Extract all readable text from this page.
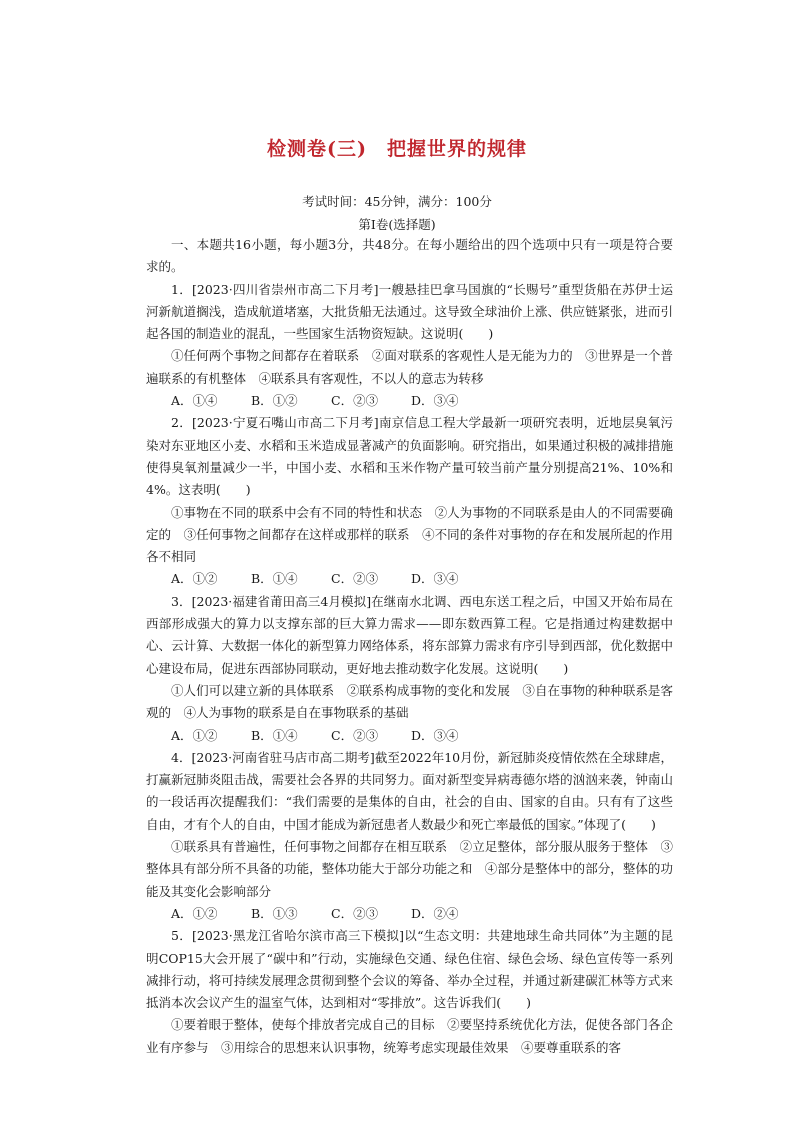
检测卷(三)　把握世界的规律
考试时间：45分钟，满分：100分
第Ⅰ卷(选择题)

一、本题共16小题，每小题3分，共48分。在每小题给出的四个选项中只有一项是符合要求的。

1．[2023·四川省崇州市高二下月考]一艘悬挂巴拿马国旗的“长赐号”重型货船在苏伊士运河新航道搁浅，造成航道堵塞，大批货船无法通过。这导致全球油价上涨、供应链紧张，进而引起各国的制造业的混乱，一些国家生活物资短缺。这说明(　　)

①任何两个事物之间都存在着联系　②面对联系的客观性人是无能为力的　③世界是一个普遍联系的有机整体　④联系具有客观性，不以人的意志为转移

A．①④	B．①②	C．②③	D．③④

2．[2023·宁夏石嘴山市高二下月考]南京信息工程大学最新一项研究表明，近地层臭氧污染对东亚地区小麦、水稻和玉米造成显著减产的负面影响。研究指出，如果通过积极的减排措施使得臭氧剂量减少一半，中国小麦、水稻和玉米作物产量可较当前产量分别提高21%、10%和4%。这表明(　　)

①事物在不同的联系中会有不同的特性和状态　②人为事物的不同联系是由人的不同需要确定的　③任何事物之间都存在这样或那样的联系　④不同的条件对事物的存在和发展所起的作用各不相同

A．①②	B．①④	C．②③	D．③④

3．[2023·福建省莆田高三4月模拟]在继南水北调、西电东送工程之后，中国又开始布局在西部形成强大的算力以支撑东部的巨大算力需求——即东数西算工程。它是指通过构建数据中心、云计算、大数据一体化的新型算力网络体系，将东部算力需求有序引导到西部，优化数据中心建设布局，促进东西部协同联动，更好地去推动数字化发展。这说明(　　)

①人们可以建立新的具体联系　②联系构成事物的变化和发展　③自在事物的种种联系是客观的　④人为事物的联系是自在事物联系的基础

A．①②	B．①④	C．②③	D．③④

4．[2023·河南省驻马店市高二期考]截至2022年10月份，新冠肺炎疫情依然在全球肆虐，打赢新冠肺炎阻击战，需要社会各界的共同努力。面对新型变异病毒德尔塔的汹汹来袭，钟南山的一段话再次提醒我们：“我们需要的是集体的自由，社会的自由、国家的自由。只有有了这些自由，才有个人的自由，中国才能成为新冠患者人数最少和死亡率最低的国家。”体现了(　　)

①联系具有普遍性，任何事物之间都存在相互联系　②立足整体，部分服从服务于整体　③整体具有部分所不具备的功能，整体功能大于部分功能之和　④部分是整体中的部分，整体的功能及其变化会影响部分

A．①②	B．①③	C．②③	D．②④

5．[2023·黑龙江省哈尔滨市高三下模拟]以“生态文明：共建地球生命共同体”为主题的昆明COP15大会开展了“碳中和”行动，实施绿色交通、绿色住宿、绿色会场、绿色宣传等一系列减排行动，将可持续发展理念贯彻到整个会议的筹备、举办全过程，并通过新建碳汇林等方式来抵消本次会议产生的温室气体，达到相对“零排放”。这告诉我们(　　)

①要着眼于整体，使每个排放者完成自己的目标　②要坚持系统优化方法，促使各部门各企业有序参与　③用综合的思想来认识事物，统筹考虑实现最佳效果　④要尊重联系的客
